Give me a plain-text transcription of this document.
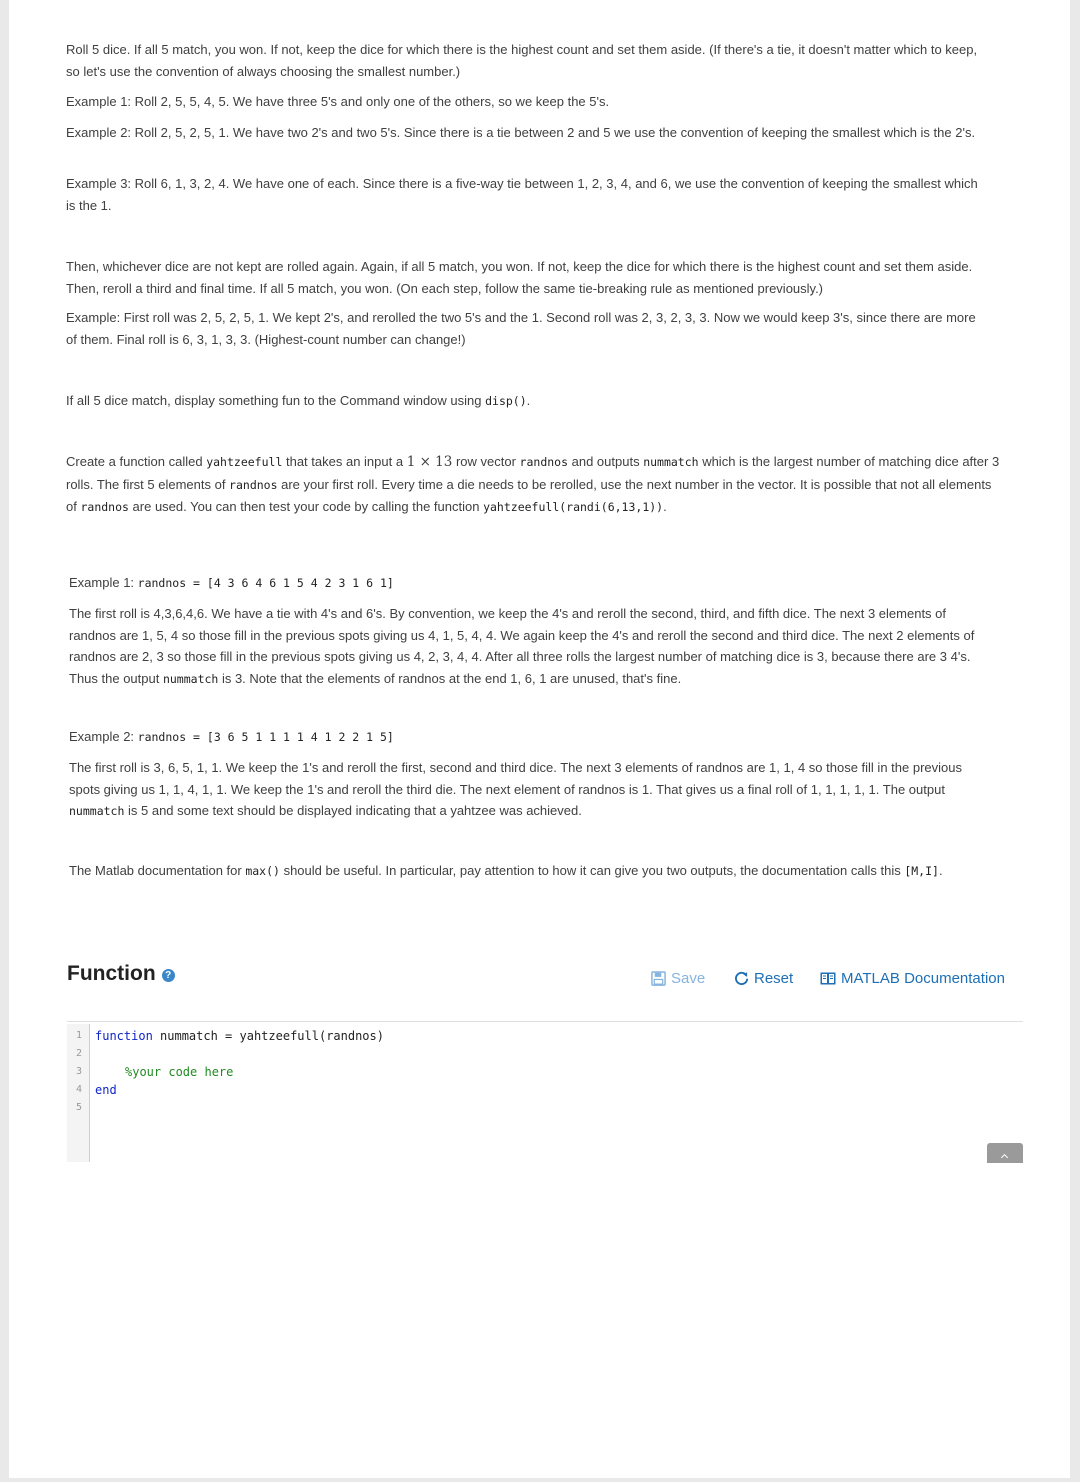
Roll 5 dice. If all 5 match, you won. If not, keep the dice for which there is the highest count and set them aside. (If there's a tie, it doesn't matter which to keep, so let's use the convention of always choosing the smallest number.)

Example 1: Roll 2, 5, 5, 4, 5. We have three 5's and only one of the others, so we keep the 5's.

Example 2: Roll 2, 5, 2, 5, 1. We have two 2's and two 5's. Since there is a tie between 2 and 5 we use the convention of keeping the smallest which is the 2's.

Example 3: Roll 6, 1, 3, 2, 4. We have one of each. Since there is a five-way tie between 1, 2, 3, 4, and 6, we use the convention of keeping the smallest which is the 1.

Then, whichever dice are not kept are rolled again. Again, if all 5 match, you won. If not, keep the dice for which there is the highest count and set them aside. Then, reroll a third and final time. If all 5 match, you won. (On each step, follow the same tie-breaking rule as mentioned previously.)

Example: First roll was 2, 5, 2, 5, 1. We kept 2's, and rerolled the two 5's and the 1. Second roll was 2, 3, 2, 3, 3. Now we would keep 3's, since there are more of them. Final roll is 6, 3, 1, 3, 3. (Highest-count number can change!)

If all 5 dice match, display something fun to the Command window using disp().

Create a function called yahtzeefull that takes an input a 1 × 13 row vector randnos and outputs nummatch which is the largest number of matching dice after 3 rolls. The first 5 elements of randnos are your first roll. Every time a die needs to be rerolled, use the next number in the vector. It is possible that not all elements of randnos are used. You can then test your code by calling the function yahtzeefull(randi(6,13,1)).

Example 1: randnos = [4 3 6 4 6 1 5 4 2 3 1 6 1]

The first roll is 4,3,6,4,6. We have a tie with 4's and 6's. By convention, we keep the 4's and reroll the second, third, and fifth dice. The next 3 elements of randnos are 1, 5, 4 so those fill in the previous spots giving us 4, 1, 5, 4, 4. We again keep the 4's and reroll the second and third dice. The next 2 elements of randnos are 2, 3 so those fill in the previous spots giving us 4, 2, 3, 4, 4. After all three rolls the largest number of matching dice is 3, because there are 3 4's. Thus the output nummatch is 3. Note that the elements of randnos at the end 1, 6, 1 are unused, that's fine.

Example 2: randnos = [3 6 5 1 1 1 1 4 1 2 2 1 5]

The first roll is 3, 6, 5, 1, 1. We keep the 1's and reroll the first, second and third dice. The next 3 elements of randnos are 1, 1, 4 so those fill in the previous spots giving us 1, 1, 4, 1, 1. We keep the 1's and reroll the third die. The next element of randnos is 1. That gives us a final roll of 1, 1, 1, 1, 1. The output nummatch is 5 and some text should be displayed indicating that a yahtzee was achieved.

The Matlab documentation for max() should be useful. In particular, pay attention to how it can give you two outputs, the documentation calls this [M,I].

Function ?	Save	Reset	MATLAB Documentation
1
2
3
4
5
function nummatch = yahtzeefull(randnos)
%your code here
end
